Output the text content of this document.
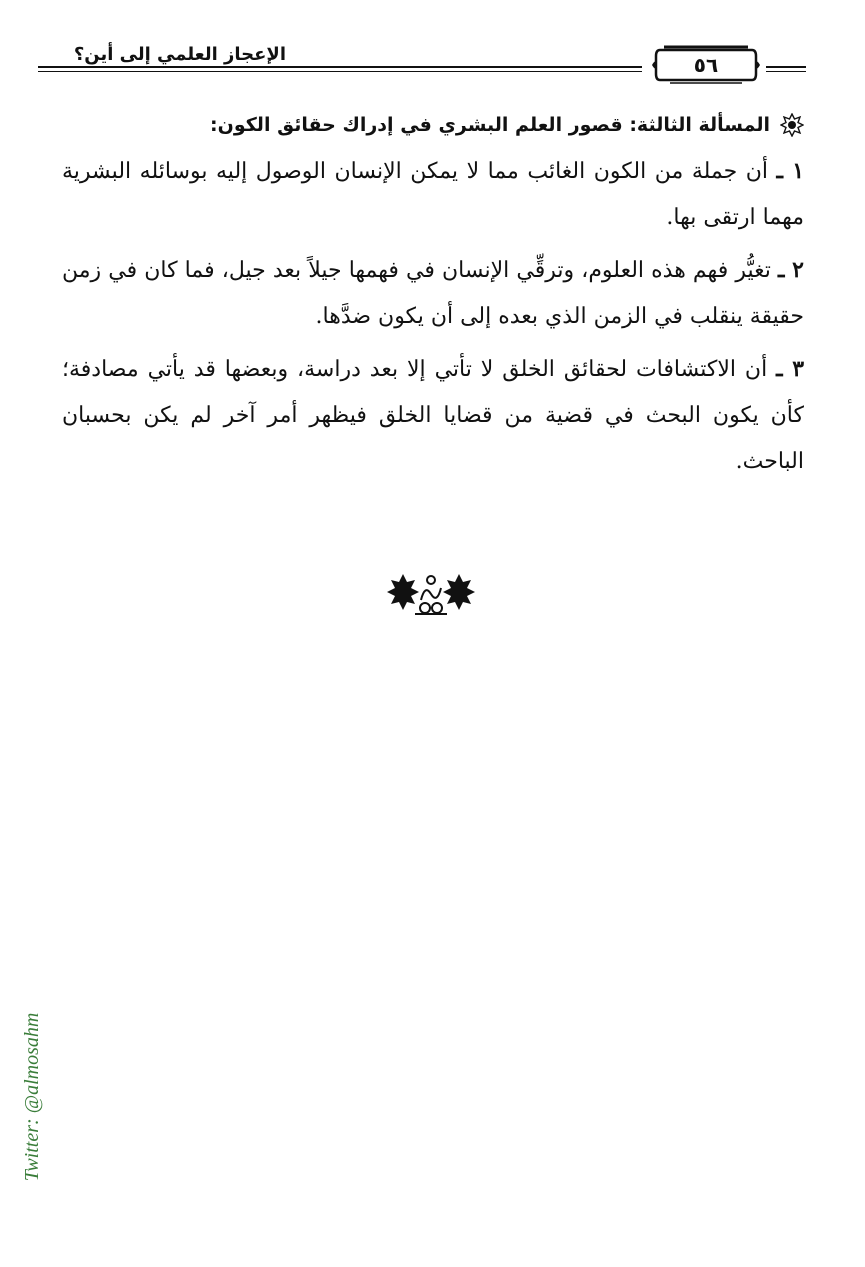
الإعجاز العلمي إلى أين؟	٥٦
المسألة الثالثة: قصور العلم البشري في إدراك حقائق الكون:

١ ـ أن جملة من الكون الغائب مما لا يمكن الإنسان الوصول إليه بوسائله البشرية مهما ارتقى بها.

٢ ـ تغيُّر فهم هذه العلوم، وترقِّي الإنسان في فهمها جيلاً بعد جيل، فما كان في زمن حقيقة ينقلب في الزمن الذي بعده إلى أن يكون ضدَّها.

٣ ـ أن الاكتشافات لحقائق الخلق لا تأتي إلا بعد دراسة، وبعضها قد يأتي مصادفة؛ كأن يكون البحث في قضية من قضايا الخلق فيظهر أمر آخر لم يكن بحسبان الباحث.

Twitter: @almosahm
